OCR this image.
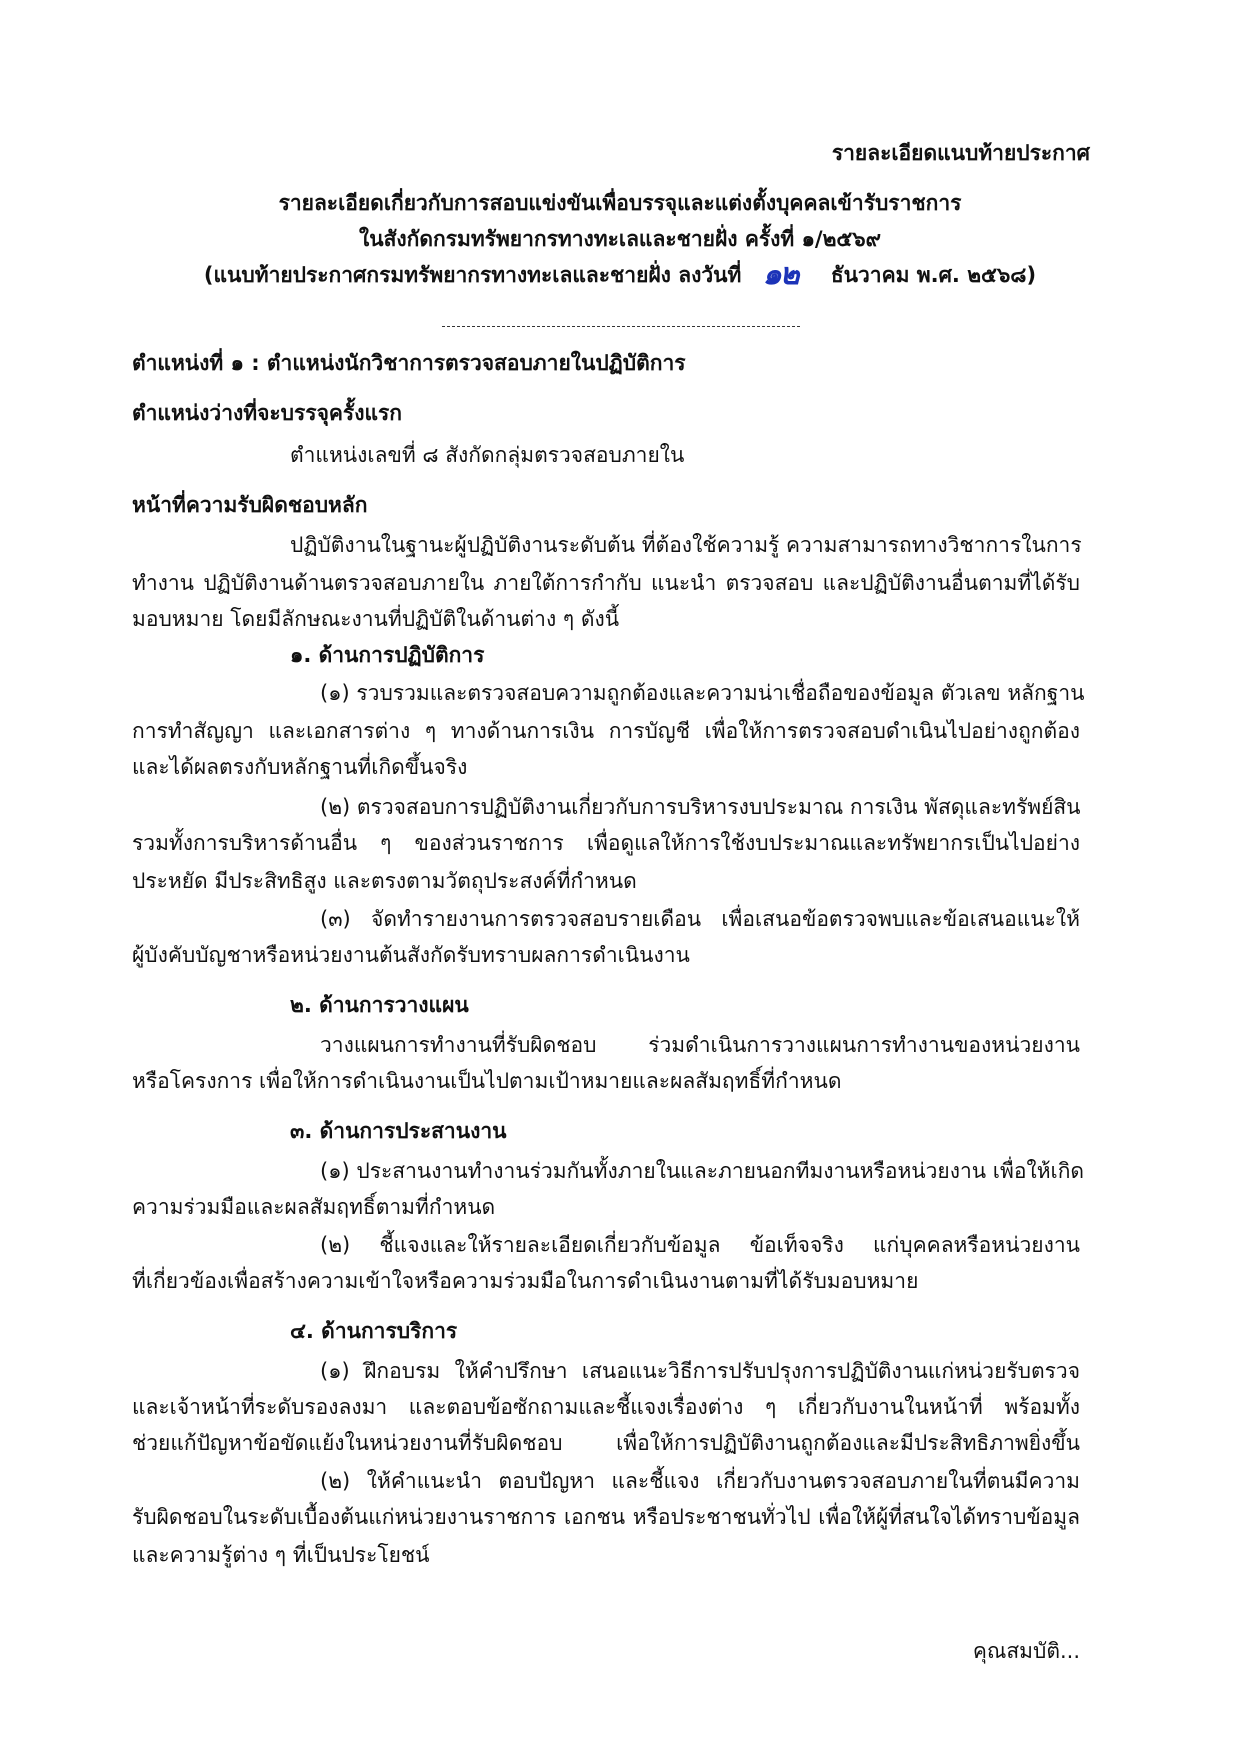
รายละเอียดแนบท้ายประกาศ
รายละเอียดเกี่ยวกับการสอบแข่งขันเพื่อบรรจุและแต่งตั้งบุคคลเข้ารับราชการ
ในสังกัดกรมทรัพยากรทางทะเลและชายฝั่ง ครั้งที่ ๑/๒๕๖๙
(แนบท้ายประกาศกรมทรัพยากรทางทะเลและชายฝั่ง ลงวันที่ ๑๒ ธันวาคม พ.ศ. ๒๕๖๘)
ตำแหน่งที่ ๑ : ตำแหน่งนักวิชาการตรวจสอบภายในปฏิบัติการ
ตำแหน่งว่างที่จะบรรจุครั้งแรก
ตำแหน่งเลขที่ ๘ สังกัดกลุ่มตรวจสอบภายใน
หน้าที่ความรับผิดชอบหลัก
ปฏิบัติงานในฐานะผู้ปฏิบัติงานระดับต้น ที่ต้องใช้ความรู้ ความสามารถทางวิชาการในการ
ทำงาน ปฏิบัติงานด้านตรวจสอบภายใน ภายใต้การกำกับ แนะนำ ตรวจสอบ และปฏิบัติงานอื่นตามที่ได้รับ
มอบหมาย โดยมีลักษณะงานที่ปฏิบัติในด้านต่าง ๆ ดังนี้
๑. ด้านการปฏิบัติการ
(๑) รวบรวมและตรวจสอบความถูกต้องและความน่าเชื่อถือของข้อมูล ตัวเลข หลักฐาน
การทำสัญญา และเอกสารต่าง ๆ ทางด้านการเงิน การบัญชี เพื่อให้การตรวจสอบดำเนินไปอย่างถูกต้อง
และได้ผลตรงกับหลักฐานที่เกิดขึ้นจริง
(๒) ตรวจสอบการปฏิบัติงานเกี่ยวกับการบริหารงบประมาณ การเงิน พัสดุและทรัพย์สิน
รวมทั้งการบริหารด้านอื่น ๆ ของส่วนราชการ เพื่อดูแลให้การใช้งบประมาณและทรัพยากรเป็นไปอย่าง
ประหยัด มีประสิทธิสูง และตรงตามวัตถุประสงค์ที่กำหนด
(๓) จัดทำรายงานการตรวจสอบรายเดือน เพื่อเสนอข้อตรวจพบและข้อเสนอแนะให้
ผู้บังคับบัญชาหรือหน่วยงานต้นสังกัดรับทราบผลการดำเนินงาน
๒. ด้านการวางแผน
วางแผนการทำงานที่รับผิดชอบ ร่วมดำเนินการวางแผนการทำงานของหน่วยงาน
หรือโครงการ เพื่อให้การดำเนินงานเป็นไปตามเป้าหมายและผลสัมฤทธิ์ที่กำหนด
๓. ด้านการประสานงาน
(๑) ประสานงานทำงานร่วมกันทั้งภายในและภายนอกทีมงานหรือหน่วยงาน เพื่อให้เกิด
ความร่วมมือและผลสัมฤทธิ์ตามที่กำหนด
(๒) ชี้แจงและให้รายละเอียดเกี่ยวกับข้อมูล ข้อเท็จจริง แก่บุคคลหรือหน่วยงาน
ที่เกี่ยวข้องเพื่อสร้างความเข้าใจหรือความร่วมมือในการดำเนินงานตามที่ได้รับมอบหมาย
๔. ด้านการบริการ
(๑) ฝึกอบรม ให้คำปรึกษา เสนอแนะวิธีการปรับปรุงการปฏิบัติงานแก่หน่วยรับตรวจ
และเจ้าหน้าที่ระดับรองลงมา และตอบข้อซักถามและชี้แจงเรื่องต่าง ๆ เกี่ยวกับงานในหน้าที่ พร้อมทั้ง
ช่วยแก้ปัญหาข้อขัดแย้งในหน่วยงานที่รับผิดชอบ เพื่อให้การปฏิบัติงานถูกต้องและมีประสิทธิภาพยิ่งขึ้น
(๒) ให้คำแนะนำ ตอบปัญหา และชี้แจง เกี่ยวกับงานตรวจสอบภายในที่ตนมีความ
รับผิดชอบในระดับเบื้องต้นแก่หน่วยงานราชการ เอกชน หรือประชาชนทั่วไป เพื่อให้ผู้ที่สนใจได้ทราบข้อมูล
และความรู้ต่าง ๆ ที่เป็นประโยชน์
คุณสมบัติ...
